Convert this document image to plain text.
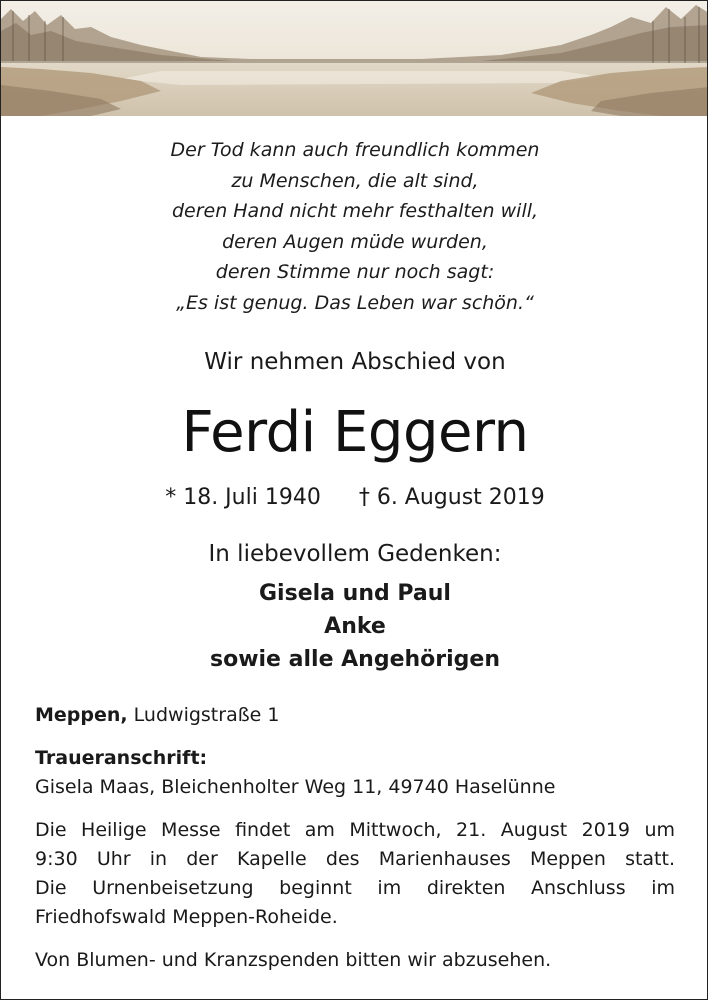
Der Tod kann auch freundlich kommen
zu Menschen, die alt sind,
deren Hand nicht mehr festhalten will,
deren Augen müde wurden,
deren Stimme nur noch sagt:
„Es ist genug. Das Leben war schön.“
Wir nehmen Abschied von
Ferdi Eggern
* 18. Juli 1940 † 6. August 2019
In liebevollem Gedenken:
Gisela und Paul
Anke
sowie alle Angehörigen
Meppen, Ludwigstraße 1
Traueranschrift:
Gisela Maas, Bleichenholter Weg 11, 49740 Haselünne
Die Heilige Messe findet am Mittwoch, 21. August 2019 um
9:30 Uhr in der Kapelle des Marienhauses Meppen statt.
Die Urnenbeisetzung beginnt im direkten Anschluss im
Friedhofswald Meppen-Roheide.
Von Blumen- und Kranzspenden bitten wir abzusehen.
